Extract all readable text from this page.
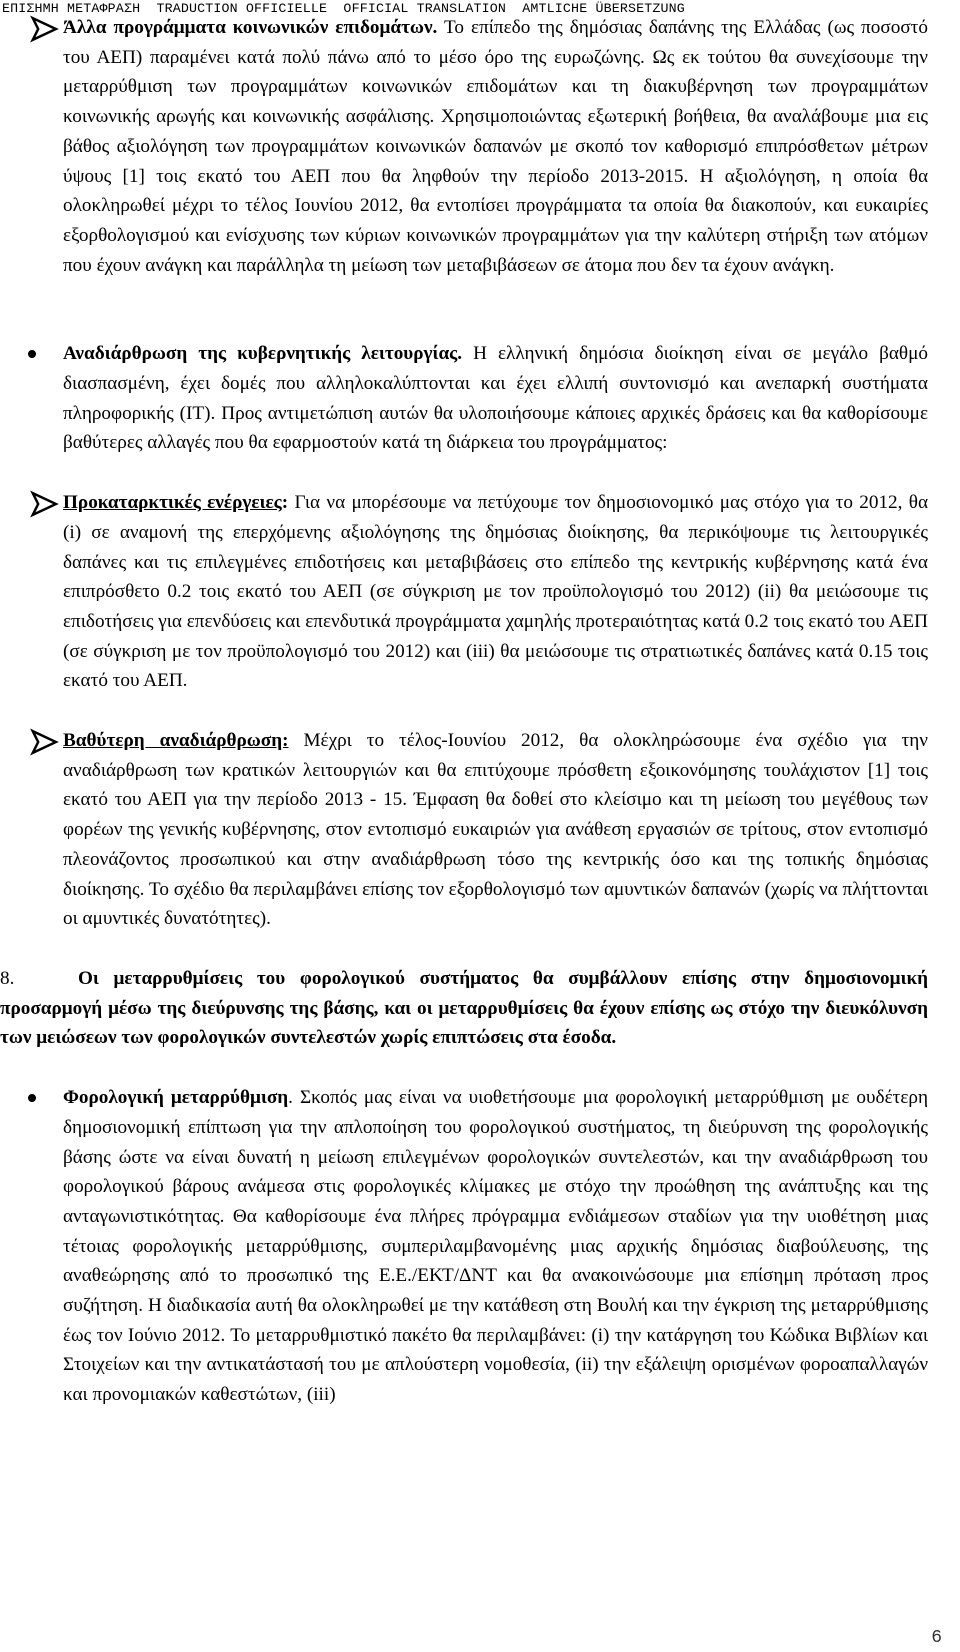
ΕΠΙΣΗΜΗ ΜΕΤΑΦΡΑΣΗ  TRADUCTION OFFICIELLE  OFFICIAL TRANSLATION  AMTLICHE ÜBERSETZUNG
Άλλα προγράμματα κοινωνικών επιδομάτων. Το επίπεδο της δημόσιας δαπάνης της Ελλάδας (ως ποσοστό του ΑΕΠ) παραμένει κατά πολύ πάνω από το μέσο όρο της ευρωζώνης. Ως εκ τούτου θα συνεχίσουμε την μεταρρύθμιση των προγραμμάτων κοινωνικών επιδομάτων και τη διακυβέρνηση των προγραμμάτων κοινωνικής αρωγής και κοινωνικής ασφάλισης. Χρησιμοποιώντας εξωτερική βοήθεια, θα αναλάβουμε μια εις βάθος αξιολόγηση των προγραμμάτων κοινωνικών δαπανών με σκοπό τον καθορισμό επιπρόσθετων μέτρων ύψους [1] τοις εκατό του ΑΕΠ που θα ληφθούν την περίοδο 2013-2015. Η αξιολόγηση, η οποία θα ολοκληρωθεί μέχρι το τέλος Ιουνίου 2012, θα εντοπίσει προγράμματα τα οποία θα διακοπούν, και ευκαιρίες εξορθολογισμού και ενίσχυσης των κύριων κοινωνικών προγραμμάτων για την καλύτερη στήριξη των ατόμων που έχουν ανάγκη και παράλληλα τη μείωση των μεταβιβάσεων σε άτομα που δεν τα έχουν ανάγκη.
Αναδιάρθρωση της κυβερνητικής λειτουργίας. Η ελληνική δημόσια διοίκηση είναι σε μεγάλο βαθμό διασπασμένη, έχει δομές που αλληλοκαλύπτονται και έχει ελλιπή συντονισμό και ανεπαρκή συστήματα πληροφορικής (IT). Προς αντιμετώπιση αυτών θα υλοποιήσουμε κάποιες αρχικές δράσεις και θα καθορίσουμε βαθύτερες αλλαγές που θα εφαρμοστούν κατά τη διάρκεια του προγράμματος:
Προκαταρκτικές ενέργειες: Για να μπορέσουμε να πετύχουμε τον δημοσιονομικό μας στόχο για το 2012, θα (i) σε αναμονή της επερχόμενης αξιολόγησης της δημόσιας διοίκησης, θα περικόψουμε τις λειτουργικές δαπάνες και τις επιλεγμένες επιδοτήσεις και μεταβιβάσεις στο επίπεδο της κεντρικής κυβέρνησης κατά ένα επιπρόσθετο 0.2 τοις εκατό του ΑΕΠ (σε σύγκριση με τον προϋπολογισμό του 2012) (ii) θα μειώσουμε τις επιδοτήσεις για επενδύσεις και επενδυτικά προγράμματα χαμηλής προτεραιότητας κατά 0.2 τοις εκατό του ΑΕΠ (σε σύγκριση με τον προϋπολογισμό του 2012) και (iii) θα μειώσουμε τις στρατιωτικές δαπάνες κατά 0.15 τοις εκατό του ΑΕΠ.
Βαθύτερη αναδιάρθρωση: Μέχρι το τέλος-Ιουνίου 2012, θα ολοκληρώσουμε ένα σχέδιο για την αναδιάρθρωση των κρατικών λειτουργιών και θα επιτύχουμε πρόσθετη εξοικονόμησης τουλάχιστον [1] τοις εκατό του ΑΕΠ για την περίοδο 2013 - 15. Έμφαση θα δοθεί στο κλείσιμο και τη μείωση του μεγέθους των φορέων της γενικής κυβέρνησης, στον εντοπισμό ευκαιριών για ανάθεση εργασιών σε τρίτους, στον εντοπισμό πλεονάζοντος προσωπικού και στην αναδιάρθρωση τόσο της κεντρικής όσο και της τοπικής δημόσιας διοίκησης. Το σχέδιο θα περιλαμβάνει επίσης τον εξορθολογισμό των αμυντικών δαπανών (χωρίς να πλήττονται οι αμυντικές δυνατότητες).
8.	Οι μεταρρυθμίσεις του φορολογικού συστήματος θα συμβάλλουν επίσης στην δημοσιονομική προσαρμογή μέσω της διεύρυνσης της βάσης, και οι μεταρρυθμίσεις θα έχουν επίσης ως στόχο την διευκόλυνση των μειώσεων των φορολογικών συντελεστών χωρίς επιπτώσεις στα έσοδα.
Φορολογική μεταρρύθμιση. Σκοπός μας είναι να υιοθετήσουμε μια φορολογική μεταρρύθμιση με ουδέτερη δημοσιονομική επίπτωση για την απλοποίηση του φορολογικού συστήματος, τη διεύρυνση της φορολογικής βάσης ώστε να είναι δυνατή η μείωση επιλεγμένων φορολογικών συντελεστών, και την αναδιάρθρωση του φορολογικού βάρους ανάμεσα στις φορολογικές κλίμακες με στόχο την προώθηση της ανάπτυξης και της ανταγωνιστικότητας. Θα καθορίσουμε ένα πλήρες πρόγραμμα ενδιάμεσων σταδίων για την υιοθέτηση μιας τέτοιας φορολογικής μεταρρύθμισης, συμπεριλαμβανομένης μιας αρχικής δημόσιας διαβούλευσης, της αναθεώρησης από το προσωπικό της Ε.Ε./ΕΚΤ/ΔΝΤ και θα ανακοινώσουμε μια επίσημη πρόταση προς συζήτηση. Η διαδικασία αυτή θα ολοκληρωθεί με την κατάθεση στη Βουλή και την έγκριση της μεταρρύθμισης έως τον Ιούνιο 2012. Το μεταρρυθμιστικό πακέτο θα περιλαμβάνει: (i) την κατάργηση του Κώδικα Βιβλίων και Στοιχείων και την αντικατάστασή του με απλούστερη νομοθεσία, (ii) την εξάλειψη ορισμένων φοροαπαλλαγών και προνομιακών καθεστώτων, (iii)
6
